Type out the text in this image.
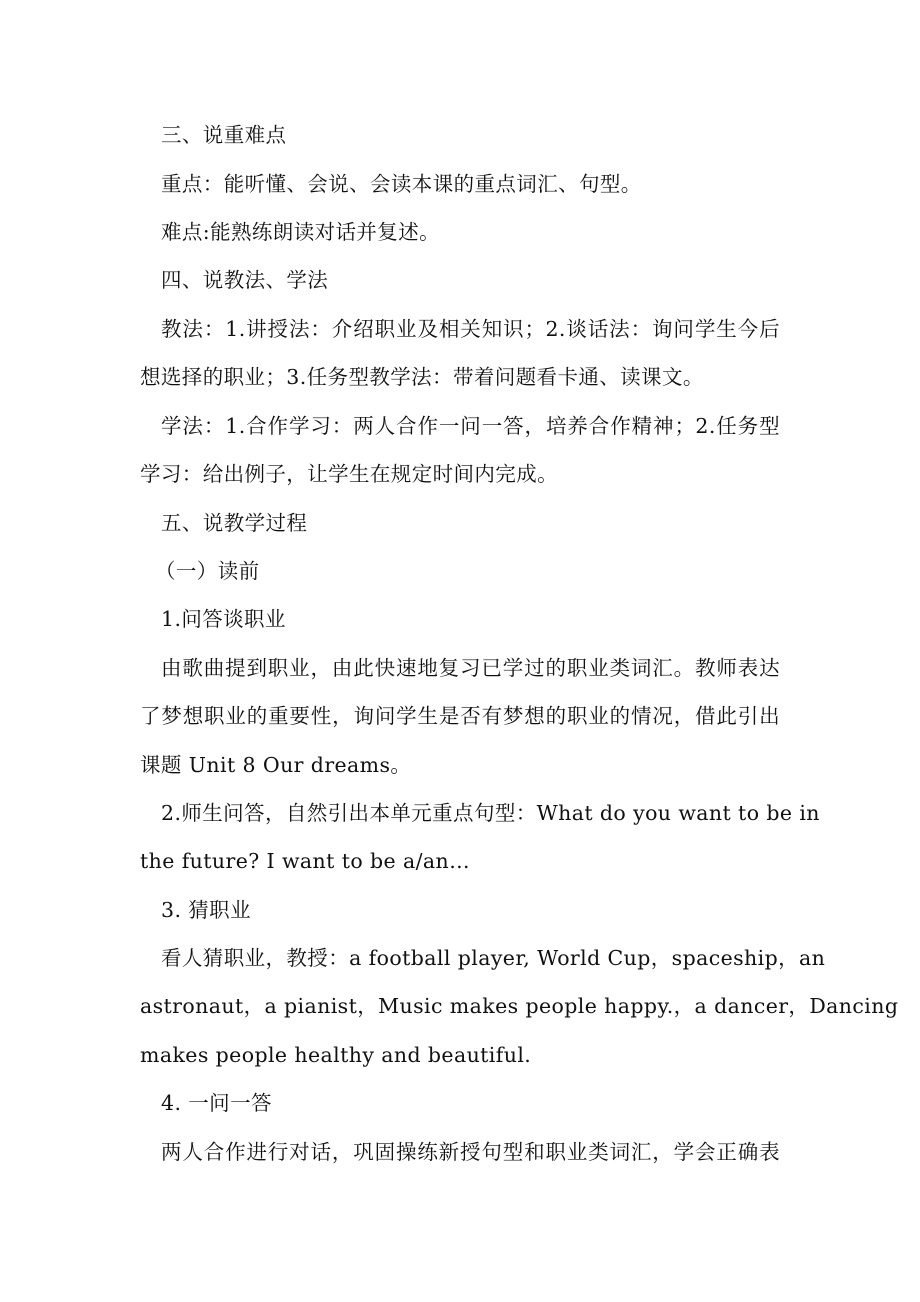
三、说重难点
重点：能听懂、会说、会读本课的重点词汇、句型。
难点:能熟练朗读对话并复述。
四、说教法、学法
教法：1.讲授法：介绍职业及相关知识；2.谈话法：询问学生今后
想选择的职业；3.任务型教学法：带着问题看卡通、读课文。
学法：1.合作学习：两人合作一问一答，培养合作精神；2.任务型
学习：给出例子，让学生在规定时间内完成。
五、说教学过程
（一）读前
1.问答谈职业
由歌曲提到职业，由此快速地复习已学过的职业类词汇。教师表达
了梦想职业的重要性，询问学生是否有梦想的职业的情况，借此引出
课题 Unit 8 Our dreams。
2.师生问答，自然引出本单元重点句型：What do you want to be in
the future? I want to be a/an…
3. 猜职业
看人猜职业，教授：a football player, World Cup，spaceship，an
astronaut，a pianist，Music makes people happy.，a dancer，Dancing
makes people healthy and beautiful.
4. 一问一答
两人合作进行对话，巩固操练新授句型和职业类词汇，学会正确表
